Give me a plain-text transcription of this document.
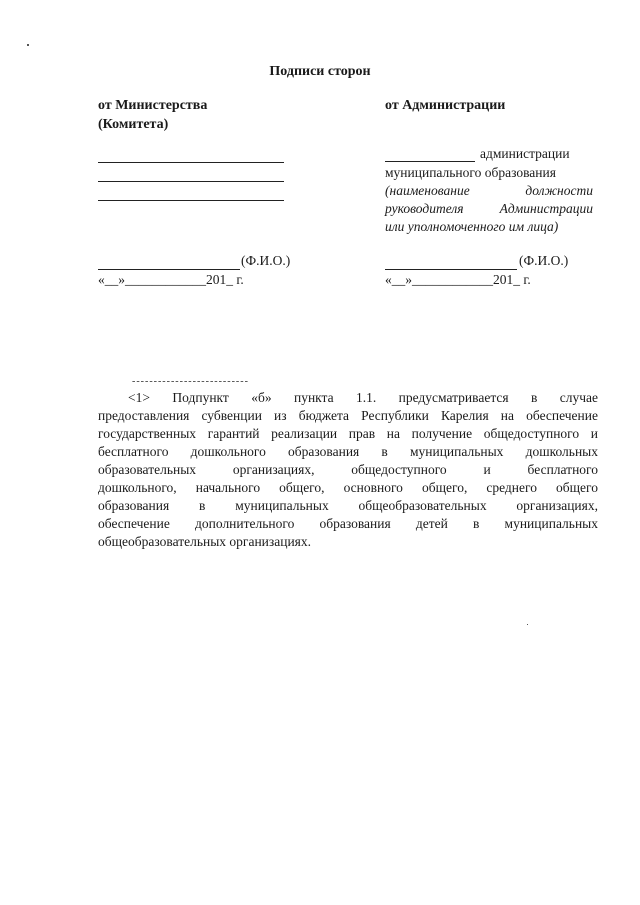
Подписи сторон
от Министерства
(Комитета)
от Администрации
администрации
муниципального образования
(наименование должности
руководителя Администрации
или уполномоченного им лица)
(Ф.И.О.)
«__»____________201_ г.
(Ф.И.О.)
«__»____________201_ г.
---------------------------
<1> Подпункт «б» пункта 1.1. предусматривается в случае
предоставления субвенции из бюджета Республики Карелия на обеспечение
государственных гарантий реализации прав на получение общедоступного и
бесплатного дошкольного образования в муниципальных дошкольных
образовательных организациях, общедоступного и бесплатного
дошкольного, начального общего, основного общего, среднего общего
образования в муниципальных общеобразовательных организациях,
обеспечение дополнительного образования детей в муниципальных
общеобразовательных организациях.
